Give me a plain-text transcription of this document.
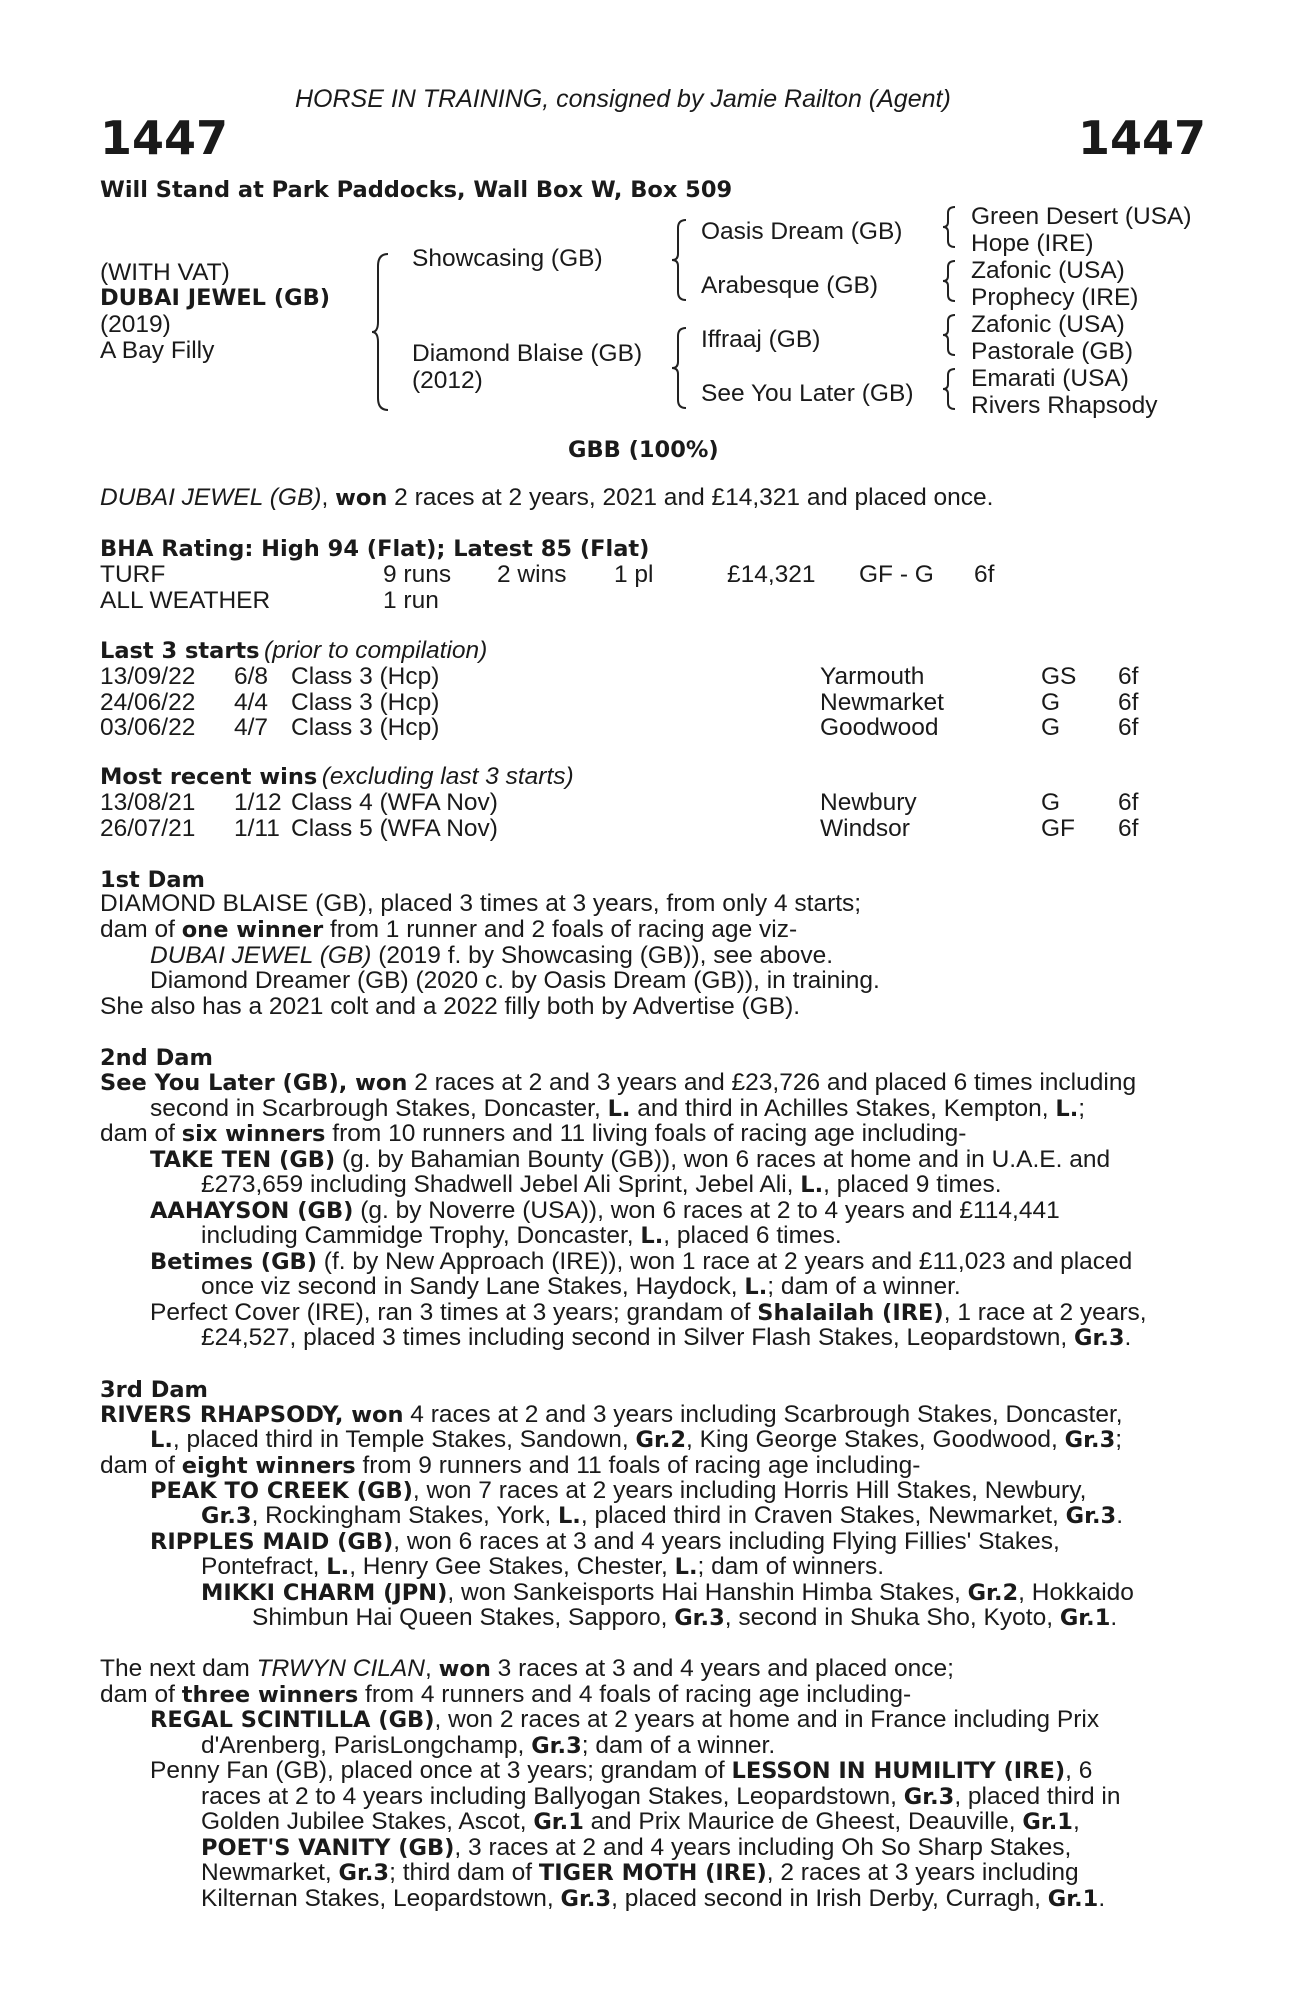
HORSE IN TRAINING, consigned by Jamie Railton (Agent)
1447	1447
Will Stand at Park Paddocks, Wall Box W, Box 509
(WITH VAT)
DUBAI JEWEL (GB)
(2019)
A Bay Filly
Showcasing (GB)
Diamond Blaise (GB)
(2012)
Oasis Dream (GB)
Arabesque (GB)
Iffraaj (GB)
See You Later (GB)
Green Desert (USA)
Hope (IRE)
Zafonic (USA)
Prophecy (IRE)
Zafonic (USA)
Pastorale (GB)
Emarati (USA)
Rivers Rhapsody
GBB (100%)
DUBAI JEWEL (GB), won 2 races at 2 years, 2021 and £14,321 and placed once.
BHA Rating: High 94 (Flat); Latest 85 (Flat)
TURF	9 runs 2 wins 1 pl	£14,321 GF - G 6f
ALL WEATHER	1 run
Last 3 starts (prior to compilation)
13/09/22 6/8 Class 3 (Hcp)	Yarmouth	GS 6f
24/06/22 4/4 Class 3 (Hcp)	Newmarket	G 6f
03/06/22 4/7 Class 3 (Hcp)	Goodwood	G 6f
Most recent wins (excluding last 3 starts)
13/08/21 1/12 Class 4 (WFA Nov)	Newbury	G 6f
26/07/21 1/11 Class 5 (WFA Nov)	Windsor	GF 6f
1st Dam
DIAMOND BLAISE (GB), placed 3 times at 3 years, from only 4 starts;
dam of one winner from 1 runner and 2 foals of racing age viz-
DUBAI JEWEL (GB) (2019 f. by Showcasing (GB)), see above.
Diamond Dreamer (GB) (2020 c. by Oasis Dream (GB)), in training.
She also has a 2021 colt and a 2022 filly both by Advertise (GB).
2nd Dam
See You Later (GB), won 2 races at 2 and 3 years and £23,726 and placed 6 times including
second in Scarbrough Stakes, Doncaster, L. and third in Achilles Stakes, Kempton, L.;
dam of six winners from 10 runners and 11 living foals of racing age including-
TAKE TEN (GB) (g. by Bahamian Bounty (GB)), won 6 races at home and in U.A.E. and
£273,659 including Shadwell Jebel Ali Sprint, Jebel Ali, L., placed 9 times.
AAHAYSON (GB) (g. by Noverre (USA)), won 6 races at 2 to 4 years and £114,441
including Cammidge Trophy, Doncaster, L., placed 6 times.
Betimes (GB) (f. by New Approach (IRE)), won 1 race at 2 years and £11,023 and placed
once viz second in Sandy Lane Stakes, Haydock, L.; dam of a winner.
Perfect Cover (IRE), ran 3 times at 3 years; grandam of Shalailah (IRE), 1 race at 2 years,
£24,527, placed 3 times including second in Silver Flash Stakes, Leopardstown, Gr.3.
3rd Dam
RIVERS RHAPSODY, won 4 races at 2 and 3 years including Scarbrough Stakes, Doncaster,
L., placed third in Temple Stakes, Sandown, Gr.2, King George Stakes, Goodwood, Gr.3;
dam of eight winners from 9 runners and 11 foals of racing age including-
PEAK TO CREEK (GB), won 7 races at 2 years including Horris Hill Stakes, Newbury,
Gr.3, Rockingham Stakes, York, L., placed third in Craven Stakes, Newmarket, Gr.3.
RIPPLES MAID (GB), won 6 races at 3 and 4 years including Flying Fillies' Stakes,
Pontefract, L., Henry Gee Stakes, Chester, L.; dam of winners.
MIKKI CHARM (JPN), won Sankeisports Hai Hanshin Himba Stakes, Gr.2, Hokkaido
Shimbun Hai Queen Stakes, Sapporo, Gr.3, second in Shuka Sho, Kyoto, Gr.1.
The next dam TRWYN CILAN, won 3 races at 3 and 4 years and placed once;
dam of three winners from 4 runners and 4 foals of racing age including-
REGAL SCINTILLA (GB), won 2 races at 2 years at home and in France including Prix
d'Arenberg, ParisLongchamp, Gr.3; dam of a winner.
Penny Fan (GB), placed once at 3 years; grandam of LESSON IN HUMILITY (IRE), 6
races at 2 to 4 years including Ballyogan Stakes, Leopardstown, Gr.3, placed third in
Golden Jubilee Stakes, Ascot, Gr.1 and Prix Maurice de Gheest, Deauville, Gr.1,
POET'S VANITY (GB), 3 races at 2 and 4 years including Oh So Sharp Stakes,
Newmarket, Gr.3; third dam of TIGER MOTH (IRE), 2 races at 3 years including
Kilternan Stakes, Leopardstown, Gr.3, placed second in Irish Derby, Curragh, Gr.1.
